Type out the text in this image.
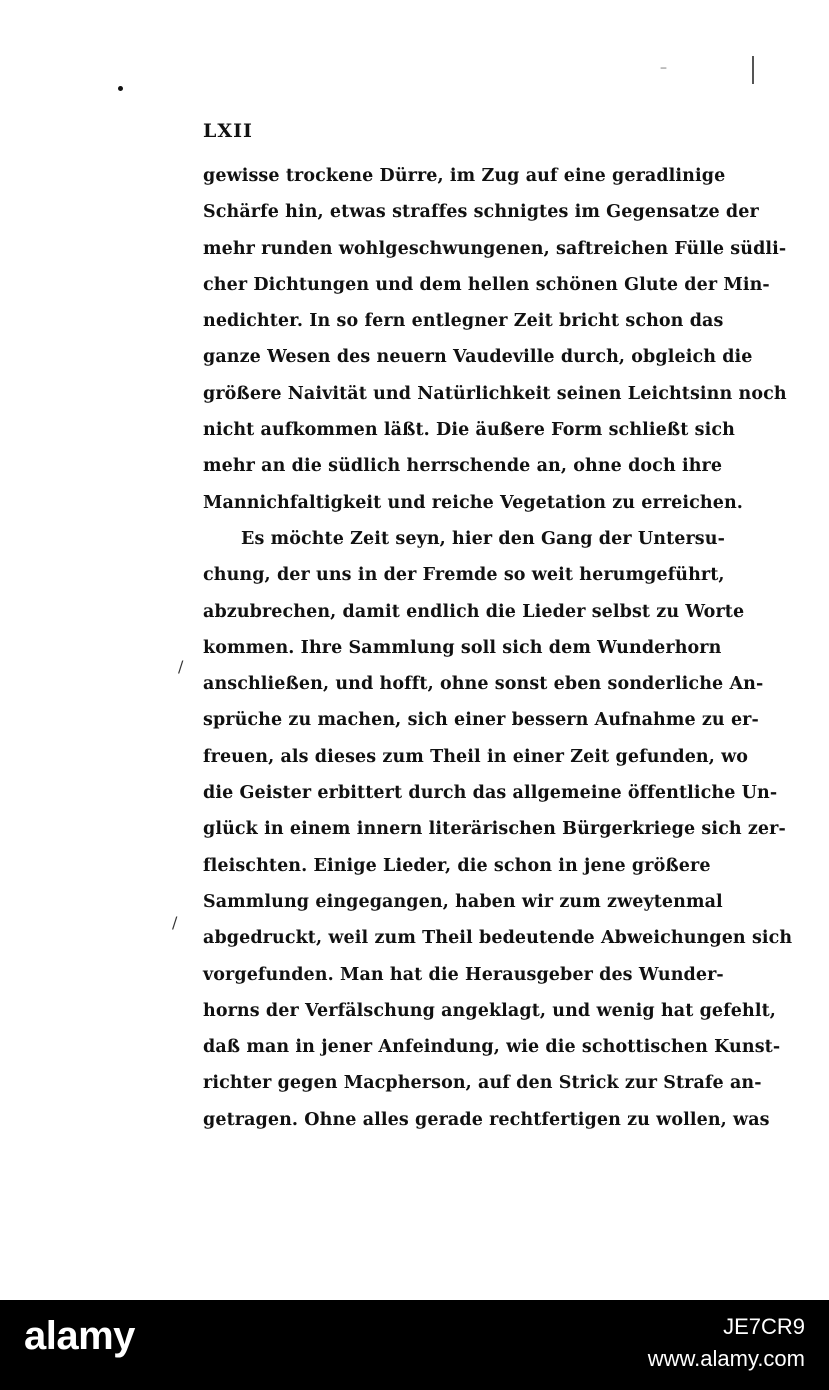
–
/
/
LXII
gewisse trockene Dürre, im Zug auf eine geradlinige
Schärfe hin, etwas straffes schnigtes im Gegensatze der
mehr runden wohlgeschwungenen, saftreichen Fülle südli-
cher Dichtungen und dem hellen schönen Glute der Min-
nedichter. In so fern entlegner Zeit bricht schon das
ganze Wesen des neuern Vaudeville durch, obgleich die
größere Naivität und Natürlichkeit seinen Leichtsinn noch
nicht aufkommen läßt. Die äußere Form schließt sich
mehr an die südlich herrschende an, ohne doch ihre
Mannichfaltigkeit und reiche Vegetation zu erreichen.
Es möchte Zeit seyn, hier den Gang der Untersu-
chung, der uns in der Fremde so weit herumgeführt,
abzubrechen, damit endlich die Lieder selbst zu Worte
kommen. Ihre Sammlung soll sich dem Wunderhorn
anschließen, und hofft, ohne sonst eben sonderliche An-
sprüche zu machen, sich einer bessern Aufnahme zu er-
freuen, als dieses zum Theil in einer Zeit gefunden, wo
die Geister erbittert durch das allgemeine öffentliche Un-
glück in einem innern literärischen Bürgerkriege sich zer-
fleischten. Einige Lieder, die schon in jene größere
Sammlung eingegangen, haben wir zum zweytenmal
abgedruckt, weil zum Theil bedeutende Abweichungen sich
vorgefunden. Man hat die Herausgeber des Wunder-
horns der Verfälschung angeklagt, und wenig hat gefehlt,
daß man in jener Anfeindung, wie die schottischen Kunst-
richter gegen Macpherson, auf den Strick zur Strafe an-
getragen. Ohne alles gerade rechtfertigen zu wollen, was
alamy	JE7CR9
www.alamy.com
